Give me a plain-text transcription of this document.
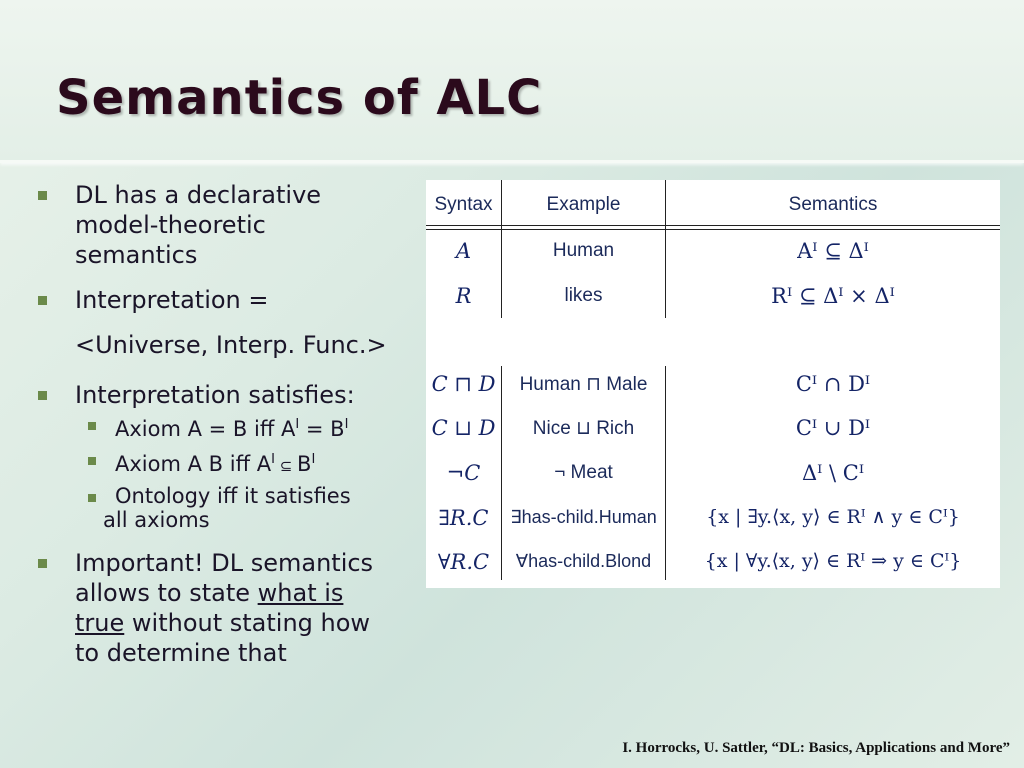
Semantics of ALC
DL has a declarative
model-theoretic
semantics
Interpretation =
<Universe, Interp. Func.>
Interpretation satisfies:
Axiom A = B iff $A^I = B^I$
Axiom A B iff $A^I$ ⊆ $B^I$
Ontology iff it satisfies
all axioms
Important! DL semantics
allows to state what is
true without stating how
to determine that
Syntax	Example	Semantics
A	Human	Aᴵ ⊆ Δᴵ
R	likes	Rᴵ ⊆ Δᴵ × Δᴵ
C ⊓ D	Human ⊓ Male	Cᴵ ∩ Dᴵ
C ⊔ D	Nice ⊔ Rich	Cᴵ ∪ Dᴵ
¬C	¬ Meat	Δᴵ \ Cᴵ
∃R.C	∃has-child.Human	{x | ∃y.⟨x, y⟩ ∈ Rᴵ ∧ y ∈ Cᴵ}
∀R.C	∀has-child.Blond	{x | ∀y.⟨x, y⟩ ∈ Rᴵ ⇒ y ∈ Cᴵ}
I. Horrocks, U. Sattler, “DL: Basics, Applications and More”
